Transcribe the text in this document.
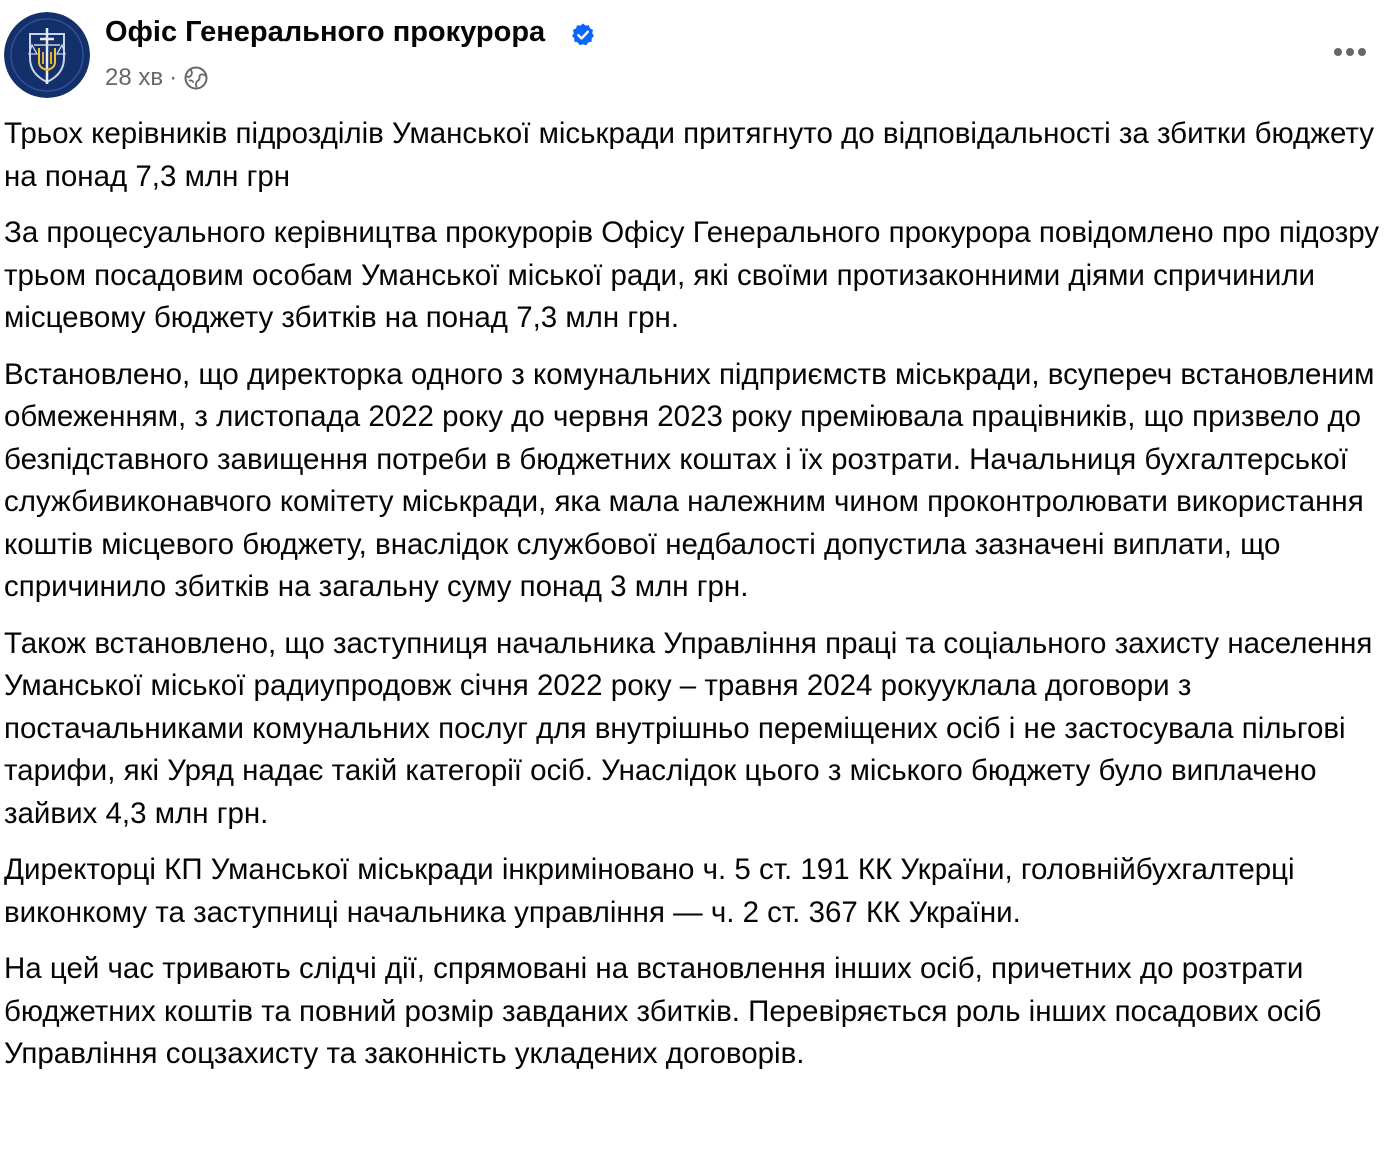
Офіс Генерального прокурора
28 хв ·

Трьох керівників підрозділів Уманської міськради притягнуто до відповідальності за збитки бюджету на понад 7,3 млн грн

За процесуального керівництва прокурорів Офісу Генерального прокурора повідомлено про підозру трьом посадовим особам Уманської міської ради, які своїми протизаконними діями спричинили місцевому бюджету збитків на понад 7,3 млн грн.

Встановлено, що директорка одного з комунальних підприємств міськради, всупереч встановленим обмеженням, з листопада 2022 року до червня 2023 року преміювала працівників, що призвело до безпідставного завищення потреби в бюджетних коштах і їх розтрати. Начальниця бухгалтерської службивиконавчого комітету міськради, яка мала належним чином проконтролювати використання коштів місцевого бюджету, внаслідок службової недбалості допустила зазначені виплати, що спричинило збитків на загальну суму понад 3 млн грн.

Також встановлено, що заступниця начальника Управління праці та соціального захисту населення Уманської міської радиупродовж січня 2022 року – травня 2024 рокууклала договори з постачальниками комунальних послуг для внутрішньо переміщених осіб і не застосувала пільгові тарифи, які Уряд надає такій категорії осіб. Унаслідок цього з міського бюджету було виплачено зайвих 4,3 млн грн.

Директорці КП Уманської міськради інкриміновано ч. 5 ст. 191 КК України, головнійбухгалтерці виконкому та заступниці начальника управління — ч. 2 ст. 367 КК України.

На цей час тривають слідчі дії, спрямовані на встановлення інших осіб, причетних до розтрати бюджетних коштів та повний розмір завданих збитків. Перевіряється роль інших посадових осіб Управління соцзахисту та законність укладених договорів.
